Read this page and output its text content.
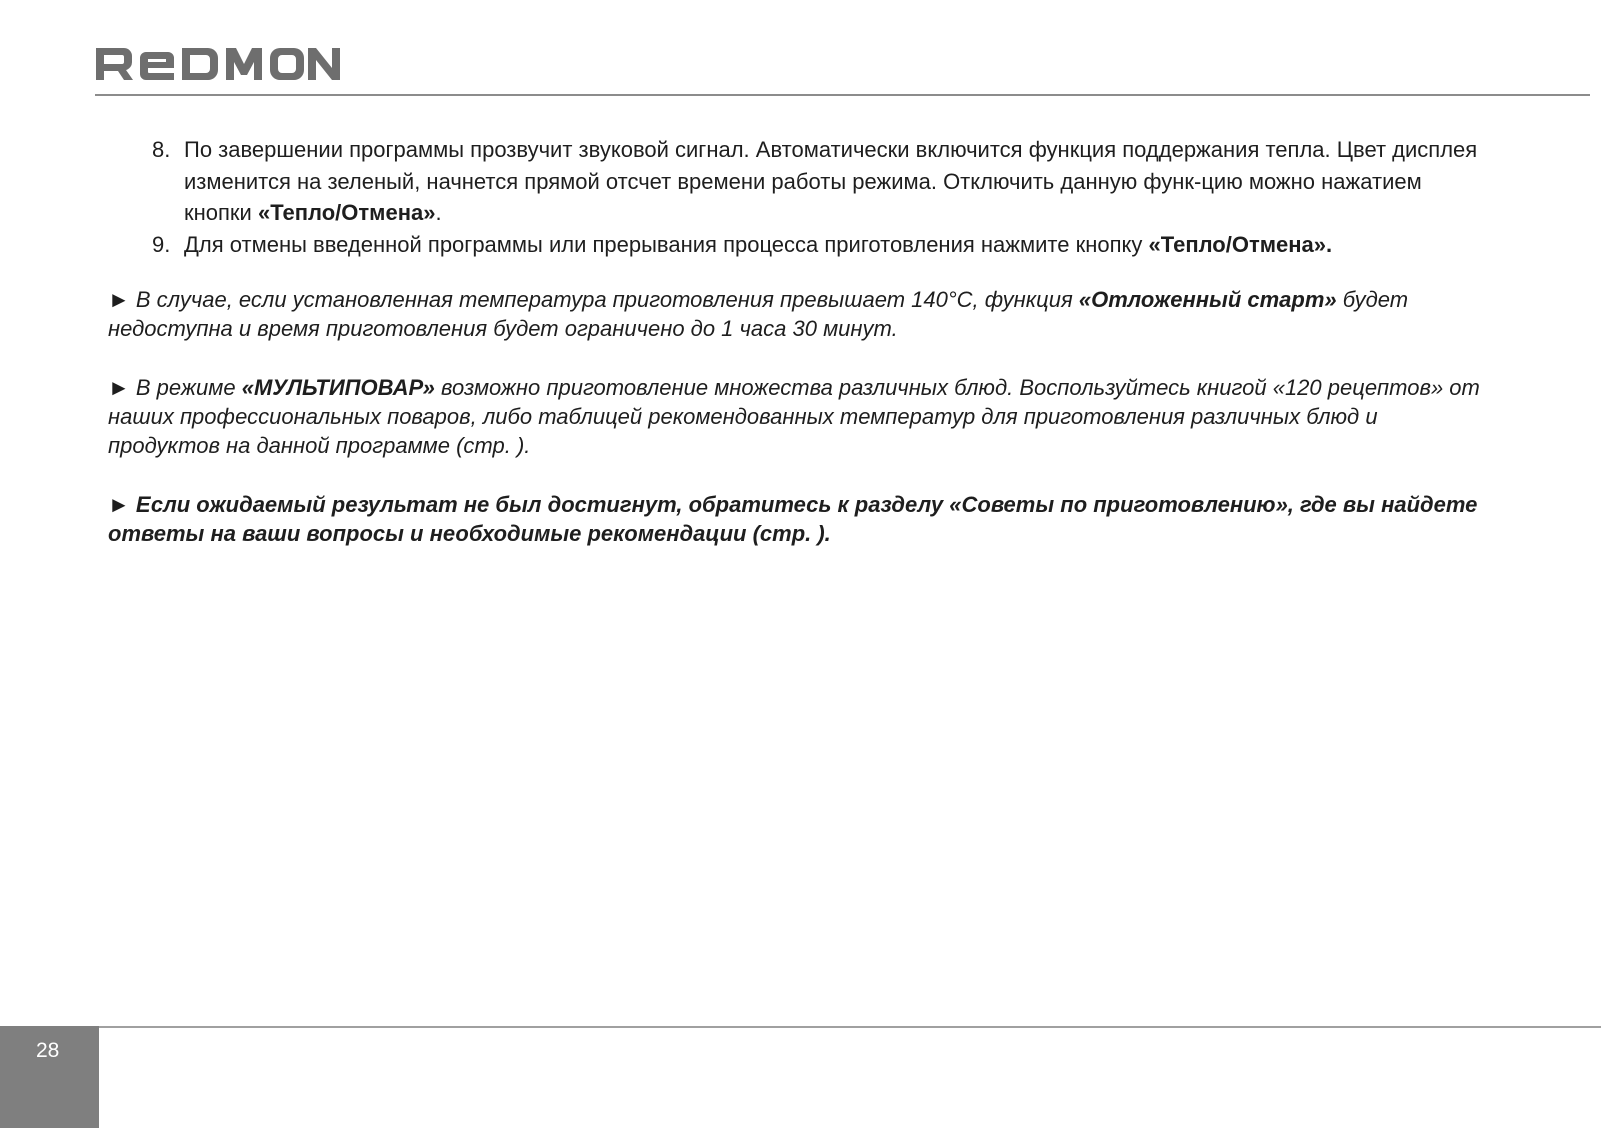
8. По завершении программы прозвучит звуковой сигнал. Автоматически включится функция поддержания тепла. Цвет дисплея изменится на зеленый, начнется прямой отсчет времени работы режима. Отключить данную функ-цию можно нажатием кнопки «Тепло/Отмена».

9. Для отмены введенной программы или прерывания процесса приготовления нажмите кнопку «Тепло/Отмена».

► В случае, если установленная температура приготовления превышает 140°C, функция «Отложенный старт» будет недоступна и время приготовления будет ограничено до 1 часа 30 минут.

► В режиме «МУЛЬТИПОВАР» возможно приготовление множества различных блюд. Воспользуйтесь книгой «120 рецептов» от наших профессиональных поваров, либо таблицей рекомендованных температур для приготовления различных блюд и продуктов на данной программе (стр. ).

► Если ожидаемый результат не был достигнут, обратитесь к разделу «Советы по приготовлению», где вы найдете ответы на ваши вопросы и необходимые рекомендации (стр. ).

28
